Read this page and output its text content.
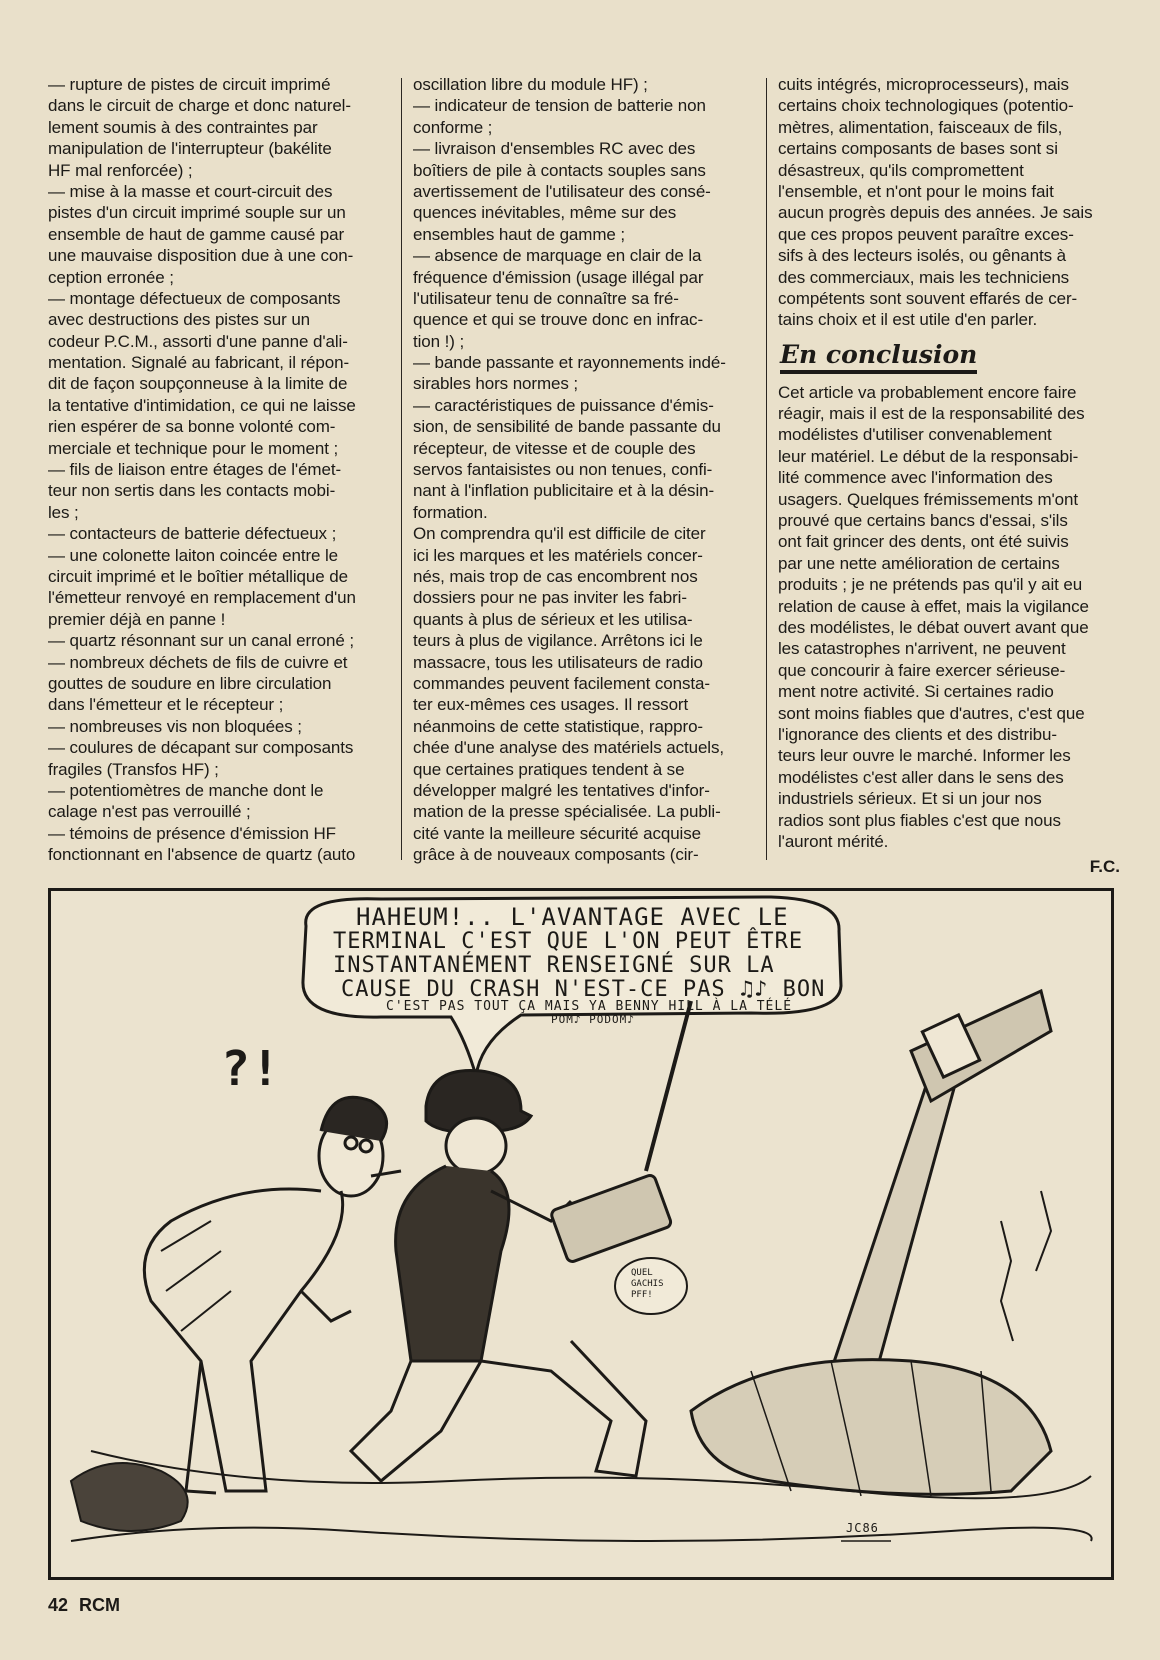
— rupture de pistes de circuit imprimé
dans le circuit de charge et donc naturel-
lement soumis à des contraintes par
manipulation de l'interrupteur (bakélite
HF mal renforcée) ;
— mise à la masse et court-circuit des
pistes d'un circuit imprimé souple sur un
ensemble de haut de gamme causé par
une mauvaise disposition due à une con-
ception erronée ;
— montage défectueux de composants
avec destructions des pistes sur un
codeur P.C.M., assorti d'une panne d'ali-
mentation. Signalé au fabricant, il répon-
dit de façon soupçonneuse à la limite de
la tentative d'intimidation, ce qui ne laisse
rien espérer de sa bonne volonté com-
merciale et technique pour le moment ;
— fils de liaison entre étages de l'émet-
teur non sertis dans les contacts mobi-
les ;
— contacteurs de batterie défectueux ;
— une colonette laiton coincée entre le
circuit imprimé et le boîtier métallique de
l'émetteur renvoyé en remplacement d'un
premier déjà en panne !
— quartz résonnant sur un canal erroné ;
— nombreux déchets de fils de cuivre et
gouttes de soudure en libre circulation
dans l'émetteur et le récepteur ;
— nombreuses vis non bloquées ;
— coulures de décapant sur composants
fragiles (Transfos HF) ;
— potentiomètres de manche dont le
calage n'est pas verrouillé ;
— témoins de présence d'émission HF
fonctionnant en l'absence de quartz (auto
oscillation libre du module HF) ;
— indicateur de tension de batterie non
conforme ;
— livraison d'ensembles RC avec des
boîtiers de pile à contacts souples sans
avertissement de l'utilisateur des consé-
quences inévitables, même sur des
ensembles haut de gamme ;
— absence de marquage en clair de la
fréquence d'émission (usage illégal par
l'utilisateur tenu de connaître sa fré-
quence et qui se trouve donc en infrac-
tion !) ;
— bande passante et rayonnements indé-
sirables hors normes ;
— caractéristiques de puissance d'émis-
sion, de sensibilité de bande passante du
récepteur, de vitesse et de couple des
servos fantaisistes ou non tenues, confi-
nant à l'inflation publicitaire et à la désin-
formation.
On comprendra qu'il est difficile de citer
ici les marques et les matériels concer-
nés, mais trop de cas encombrent nos
dossiers pour ne pas inviter les fabri-
quants à plus de sérieux et les utilisa-
teurs à plus de vigilance. Arrêtons ici le
massacre, tous les utilisateurs de radio
commandes peuvent facilement consta-
ter eux-mêmes ces usages. Il ressort
néanmoins de cette statistique, rappro-
chée d'une analyse des matériels actuels,
que certaines pratiques tendent à se
développer malgré les tentatives d'infor-
mation de la presse spécialisée. La publi-
cité vante la meilleure sécurité acquise
grâce à de nouveaux composants (cir-
cuits intégrés, microprocesseurs), mais
certains choix technologiques (potentio-
mètres, alimentation, faisceaux de fils,
certains composants de bases sont si
désastreux, qu'ils compromettent
l'ensemble, et n'ont pour le moins fait
aucun progrès depuis des années. Je sais
que ces propos peuvent paraître exces-
sifs à des lecteurs isolés, ou gênants à
des commerciaux, mais les techniciens
compétents sont souvent effarés de cer-
tains choix et il est utile d'en parler.
En conclusion
Cet article va probablement encore faire
réagir, mais il est de la responsabilité des
modélistes d'utiliser convenablement
leur matériel. Le début de la responsabi-
lité commence avec l'information des
usagers. Quelques frémissements m'ont
prouvé que certains bancs d'essai, s'ils
ont fait grincer des dents, ont été suivis
par une nette amélioration de certains
produits ; je ne prétends pas qu'il y ait eu
relation de cause à effet, mais la vigilance
des modélistes, le débat ouvert avant que
les catastrophes n'arrivent, ne peuvent
que concourir à faire exercer sérieuse-
ment notre activité. Si certaines radio
sont moins fiables que d'autres, c'est que
l'ignorance des clients et des distribu-
teurs leur ouvre le marché. Informer les
modélistes c'est aller dans le sens des
industriels sérieux. Et si un jour nos
radios sont plus fiables c'est que nous
l'auront mérité.
F.C.
HAHEUM!.. L'AVANTAGE AVEC LE
TERMINAL C'EST QUE L'ON PEUT ÊTRE
INSTANTANÉMENT RENSEIGNÉ SUR LA
CAUSE DU CRASH N'EST-CE PAS ♫♪ BON
C'EST PAS TOUT ÇA MAIS YA BENNY HILL À LA TÉLÉ
POM♪ PODOM♪
?!
QUEL
GACHIS
PFF!
JC86
42 RCM
